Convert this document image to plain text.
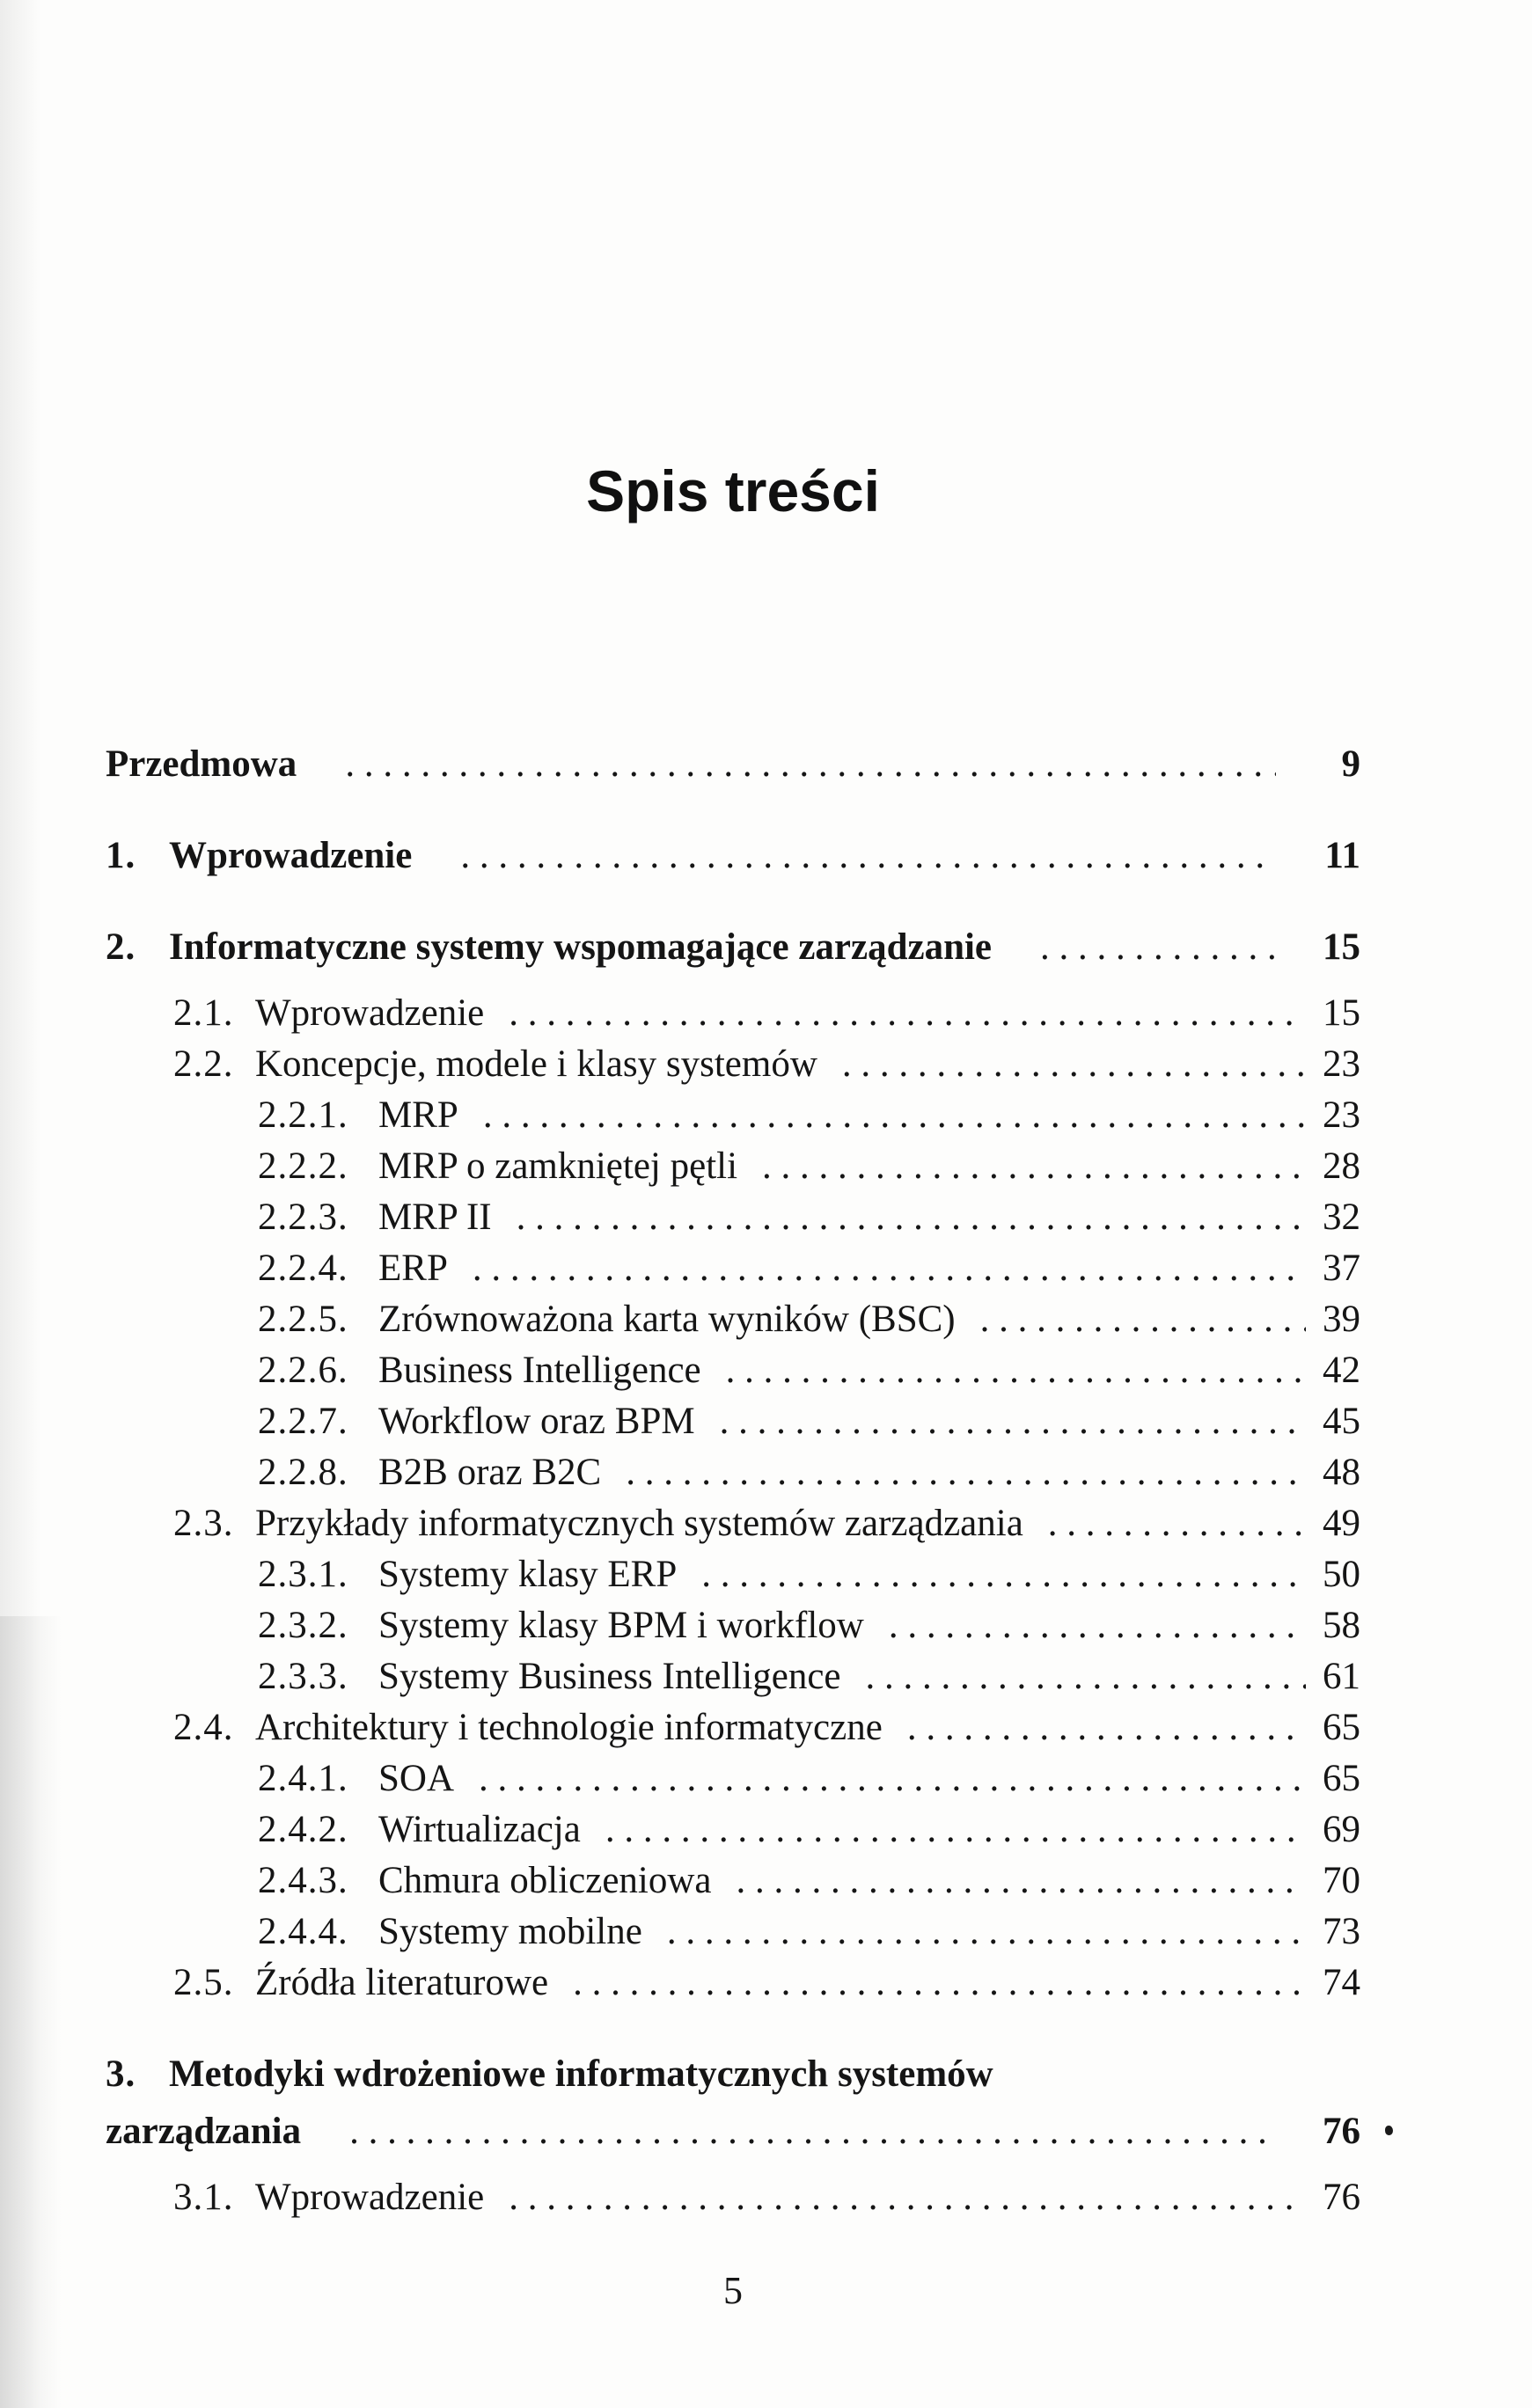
Spis treści
Przedmowa . . .	9
1. Wprowadzenie . . .	11
2. Informatyczne systemy wspomagające zarządzanie . . .	15
2.1. Wprowadzenie . . .	15
2.2. Koncepcje, modele i klasy systemów . . .	23
2.2.1. MRP . . .	23
2.2.2. MRP o zamkniętej pętli . . .	28
2.2.3. MRP II . . .	32
2.2.4. ERP . . .	37
2.2.5. Zrównoważona karta wyników (BSC) . . .	39
2.2.6. Business Intelligence . . .	42
2.2.7. Workflow oraz BPM . . .	45
2.2.8. B2B oraz B2C . . .	48
2.3. Przykłady informatycznych systemów zarządzania . . .	49
2.3.1. Systemy klasy ERP . . .	50
2.3.2. Systemy klasy BPM i workflow . . .	58
2.3.3. Systemy Business Intelligence . . .	61
2.4. Architektury i technologie informatyczne . . .	65
2.4.1. SOA . . .	65
2.4.2. Wirtualizacja . . .	69
2.4.3. Chmura obliczeniowa . . .	70
2.4.4. Systemy mobilne . . .	73
2.5. Źródła literaturowe . . .	74
3. Metodyki wdrożeniowe informatycznych systemów
zarządzania . . .	76
3.1. Wprowadzenie . . .	76
5
